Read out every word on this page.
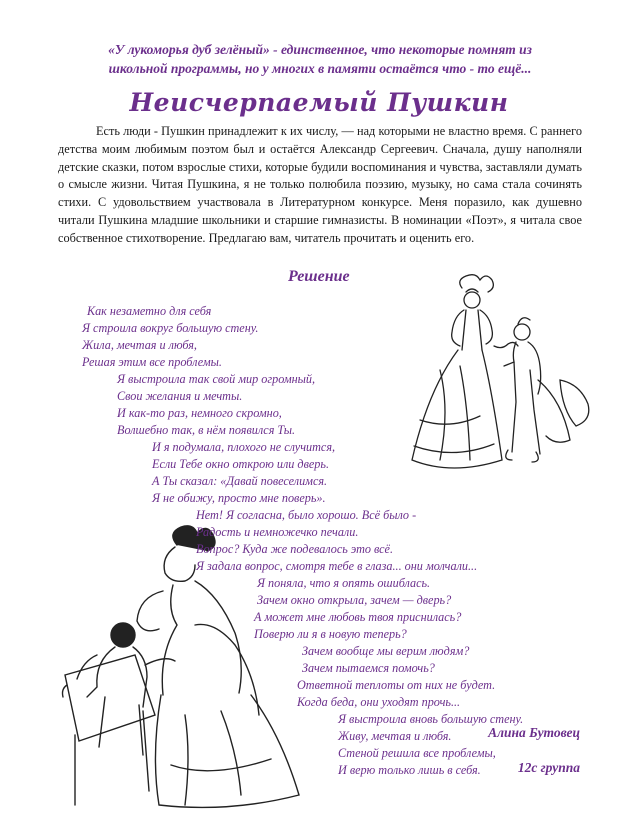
«У лукоморья дуб зелёный» - единственное, что некоторые помнят из
школьной программы, но у многих в памяти остаётся что - то ещё...
Неисчерпаемый Пушкин
Есть люди - Пушкин принадлежит к их числу, — над которыми не властно время. С раннего детства моим любимым поэтом был и остаётся Александр Сергеевич. Сначала, душу наполняли детские сказки, потом взрослые стихи, которые будили воспоминания и чувства, заставляли думать о смысле жизни. Читая Пушкина, я не только полюбила поэзию, музыку, но сама стала сочинять стихи. С удовольствием участвовала в Литературном конкурсе. Меня поразило, как душевно читали Пушкина младшие школьники и старшие гимназисты. В номинации «Поэт», я читала свое собственное стихотворение. Предлагаю вам, читатель прочитать и оценить его.
Решение
Как незаметно для себя
Я строила вокруг большую стену.
Жила, мечтая и любя,
Решая этим все проблемы.
Я выстроила так свой мир огромный,
Свои желания и мечты.
И как-то раз, немного скромно,
Волшебно так, в нём появился Ты.
И я подумала, плохого не случится,
Если Тебе окно открою или дверь.
А Ты сказал: «Давай повеселимся.
Я не обижу, просто мне поверь».
Нет! Я согласна, было хорошо. Всё было -
Радость и немножечко печали.
Вопрос? Куда же подевалось это всё.
Я задала вопрос, смотря тебе в глаза... они молчали...
Я поняла, что я опять ошиблась.
Зачем окно открыла, зачем — дверь?
А может мне любовь твоя приснилась?
Поверю ли я в новую теперь?
Зачем вообще мы верим людям?
Зачем пытаемся помочь?
Ответной теплоты от них не будет.
Когда беда, они уходят прочь...
Я выстроила вновь большую стену.
Живу, мечтая и любя.
Стеной решила все проблемы,
И верю только лишь в себя.
Алина Бутовец
12с группа
